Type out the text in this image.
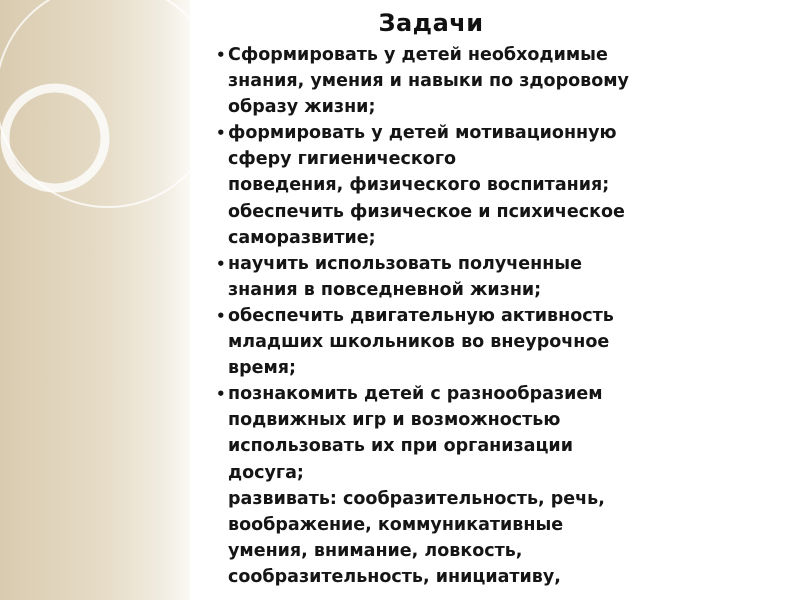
Задачи
• Сформировать у детей необходимые
знания, умения и навыки по здоровому
образу жизни;
• формировать у детей мотивационную
сферу гигиенического
поведения, физического воспитания;
обеспечить физическое и психическое
саморазвитие;
• научить использовать полученные
знания в повседневной жизни;
• обеспечить двигательную активность
младших школьников во внеурочное
время;
• познакомить детей с разнообразием
подвижных игр и возможностью
использовать их при организации
досуга;
развивать: сообразительность, речь,
воображение, коммуникативные
умения, внимание, ловкость,
сообразительность, инициативу,
